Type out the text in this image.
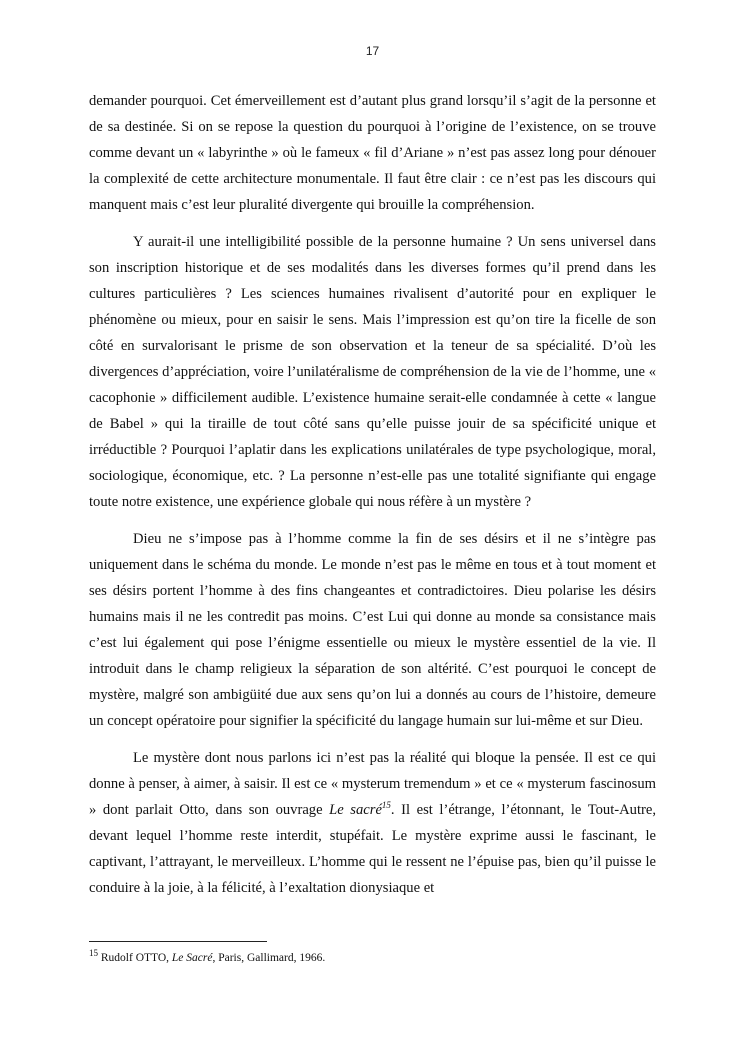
17

demander pourquoi. Cet émerveillement est d’autant plus grand lorsqu’il s’agit de la personne et de sa destinée. Si on se repose la question du pourquoi à l’origine de l’existence, on se trouve comme devant un « labyrinthe » où le fameux « fil d’Ariane » n’est pas assez long pour dénouer la complexité de cette architecture monumentale. Il faut être clair : ce n’est pas les discours qui manquent mais c’est leur pluralité divergente qui brouille la compréhension.

Y aurait-il une intelligibilité possible de la personne humaine ? Un sens universel dans son inscription historique et de ses modalités dans les diverses formes qu’il prend dans les cultures particulières ? Les sciences humaines rivalisent d’autorité pour en expliquer le phénomène ou mieux, pour en saisir le sens. Mais l’impression est qu’on tire la ficelle de son côté en survalorisant le prisme de son observation et la teneur de sa spécialité. D’où les divergences d’appréciation, voire l’unilatéralisme de compréhension de la vie de l’homme, une « cacophonie » difficilement audible. L’existence humaine serait-elle condamnée à cette « langue de Babel » qui la tiraille de tout côté sans qu’elle puisse jouir de sa spécificité unique et irréductible ? Pourquoi l’aplatir dans les explications unilatérales de type psychologique, moral, sociologique, économique, etc. ? La personne n’est-elle pas une totalité signifiante qui engage toute notre existence, une expérience globale qui nous réfère à un mystère ?

Dieu ne s’impose pas à l’homme comme la fin de ses désirs et il ne s’intègre pas uniquement dans le schéma du monde. Le monde n’est pas le même en tous et à tout moment et ses désirs portent l’homme à des fins changeantes et contradictoires. Dieu polarise les désirs humains mais il ne les contredit pas moins. C’est Lui qui donne au monde sa consistance mais c’est lui également qui pose l’énigme essentielle ou mieux le mystère essentiel de la vie. Il introduit dans le champ religieux la séparation de son altérité. C’est pourquoi le concept de mystère, malgré son ambigüité due aux sens qu’on lui a donnés au cours de l’histoire, demeure un concept opératoire pour signifier la spécificité du langage humain sur lui-même et sur Dieu.

Le mystère dont nous parlons ici n’est pas la réalité qui bloque la pensée. Il est ce qui donne à penser, à aimer, à saisir. Il est ce « mysterum tremendum » et ce « mysterum fascinosum » dont parlait Otto, dans son ouvrage Le sacré$^{15}$. Il est l’étrange, l’étonnant, le Tout-Autre, devant lequel l’homme reste interdit, stupéfait. Le mystère exprime aussi le fascinant, le captivant, l’attrayant, le merveilleux. L’homme qui le ressent ne l’épuise pas, bien qu’il puisse le conduire à la joie, à la félicité, à l’exaltation dionysiaque et

$^{15}$ Rudolf OTTO, Le Sacré, Paris, Gallimard, 1966.
